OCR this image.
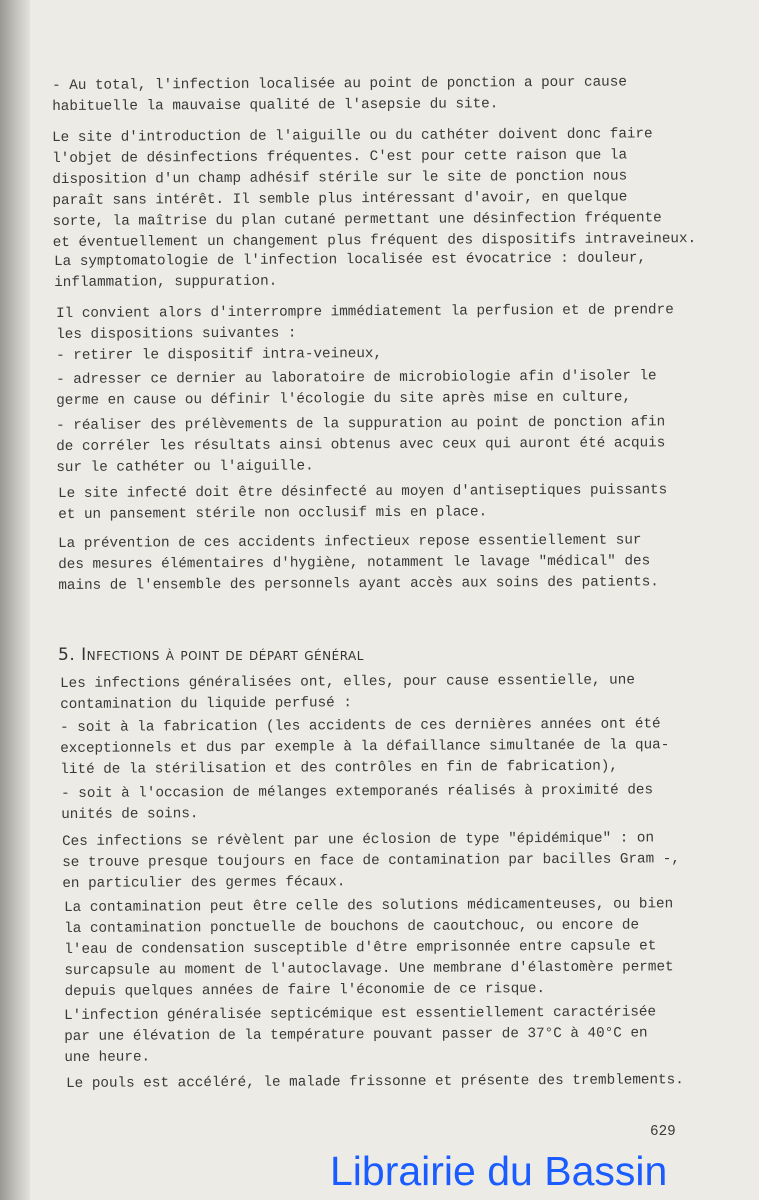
- Au total, l'infection localisée au point de ponction a pour cause
habituelle la mauvaise qualité de l'asepsie du site.
Le site d'introduction de l'aiguille ou du cathéter doivent donc faire
l'objet de désinfections fréquentes. C'est pour cette raison que la
disposition d'un champ adhésif stérile sur le site de ponction nous
paraît sans intérêt. Il semble plus intéressant d'avoir, en quelque
sorte, la maîtrise du plan cutané permettant une désinfection fréquente
et éventuellement un changement plus fréquent des dispositifs intraveineux.
La symptomatologie de l'infection localisée est évocatrice : douleur,
inflammation, suppuration.
Il convient alors d'interrompre immédiatement la perfusion et de prendre
les dispositions suivantes :
- retirer le dispositif intra-veineux,
- adresser ce dernier au laboratoire de microbiologie afin d'isoler le
germe en cause ou définir l'écologie du site après mise en culture,
- réaliser des prélèvements de la suppuration au point de ponction afin
de corréler les résultats ainsi obtenus avec ceux qui auront été acquis
sur le cathéter ou l'aiguille.
Le site infecté doit être désinfecté au moyen d'antiseptiques puissants
et un pansement stérile non occlusif mis en place.
La prévention de ces accidents infectieux repose essentiellement sur
des mesures élémentaires d'hygiène, notamment le lavage "médical" des
mains de l'ensemble des personnels ayant accès aux soins des patients.
Les infections généralisées ont, elles, pour cause essentielle, une
contamination du liquide perfusé :
- soit à la fabrication (les accidents de ces dernières années ont été
exceptionnels et dus par exemple à la défaillance simultanée de la qua-
lité de la stérilisation et des contrôles en fin de fabrication),
- soit à l'occasion de mélanges extemporanés réalisés à proximité des
unités de soins.
Ces infections se révèlent par une éclosion de type "épidémique" : on
se trouve presque toujours en face de contamination par bacilles Gram -,
en particulier des germes fécaux.
La contamination peut être celle des solutions médicamenteuses, ou bien
la contamination ponctuelle de bouchons de caoutchouc, ou encore de
l'eau de condensation susceptible d'être emprisonnée entre capsule et
surcapsule au moment de l'autoclavage. Une membrane d'élastomère permet
depuis quelques années de faire l'économie de ce risque.
L'infection généralisée septicémique est essentiellement caractérisée
par une élévation de la température pouvant passer de 37°C à 40°C en
une heure.
Le pouls est accéléré, le malade frissonne et présente des tremblements.
5. Infections à point de départ général
629
Librairie du Bassin
